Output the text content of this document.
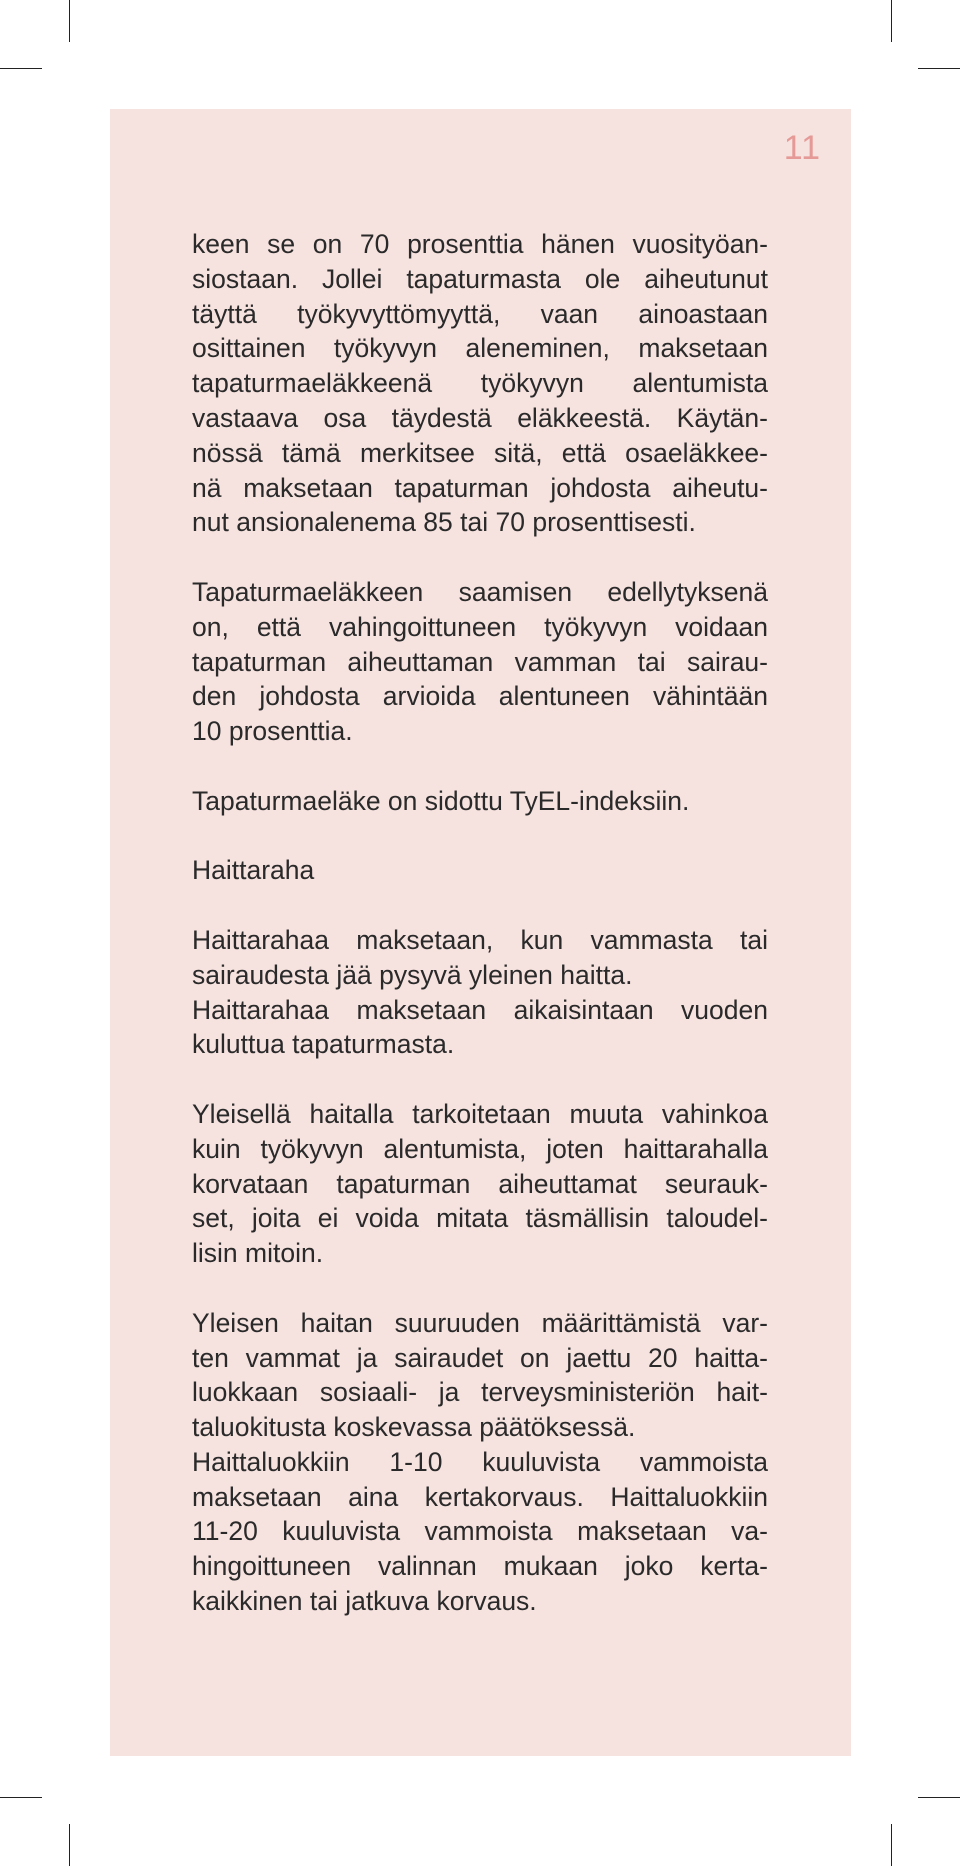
11
keen se on 70 prosenttia hänen vuosityöan-
siostaan. Jollei tapaturmasta ole aiheutunut
täyttä työkyvyttömyyttä, vaan ainoastaan
osittainen työkyvyn aleneminen, maksetaan
tapaturmaeläkkeenä työkyvyn alentumista
vastaava osa täydestä eläkkeestä. Käytän-
nössä tämä merkitsee sitä, että osaeläkkee-
nä maksetaan tapaturman johdosta aiheutu-
nut ansionalenema 85 tai 70 prosenttisesti.
Tapaturmaeläkkeen saamisen edellytyksenä
on, että vahingoittuneen työkyvyn voidaan
tapaturman aiheuttaman vamman tai sairau-
den johdosta arvioida alentuneen vähintään
10 prosenttia.
Tapaturmaeläke on sidottu TyEL-indeksiin.
Haittaraha
Haittarahaa maksetaan, kun vammasta tai
sairaudesta jää pysyvä yleinen haitta.
Haittarahaa maksetaan aikaisintaan vuoden
kuluttua tapaturmasta.
Yleisellä haitalla tarkoitetaan muuta vahinkoa
kuin työkyvyn alentumista, joten haittarahalla
korvataan tapaturman aiheuttamat seurauk-
set, joita ei voida mitata täsmällisin taloudel-
lisin mitoin.
Yleisen haitan suuruuden määrittämistä var-
ten vammat ja sairaudet on jaettu 20 haitta-
luokkaan sosiaali- ja terveysministeriön hait-
taluokitusta koskevassa päätöksessä.
Haittaluokkiin 1-10 kuuluvista vammoista
maksetaan aina kertakorvaus. Haittaluokkiin
11-20 kuuluvista vammoista maksetaan va-
hingoittuneen valinnan mukaan joko kerta-
kaikkinen tai jatkuva korvaus.
